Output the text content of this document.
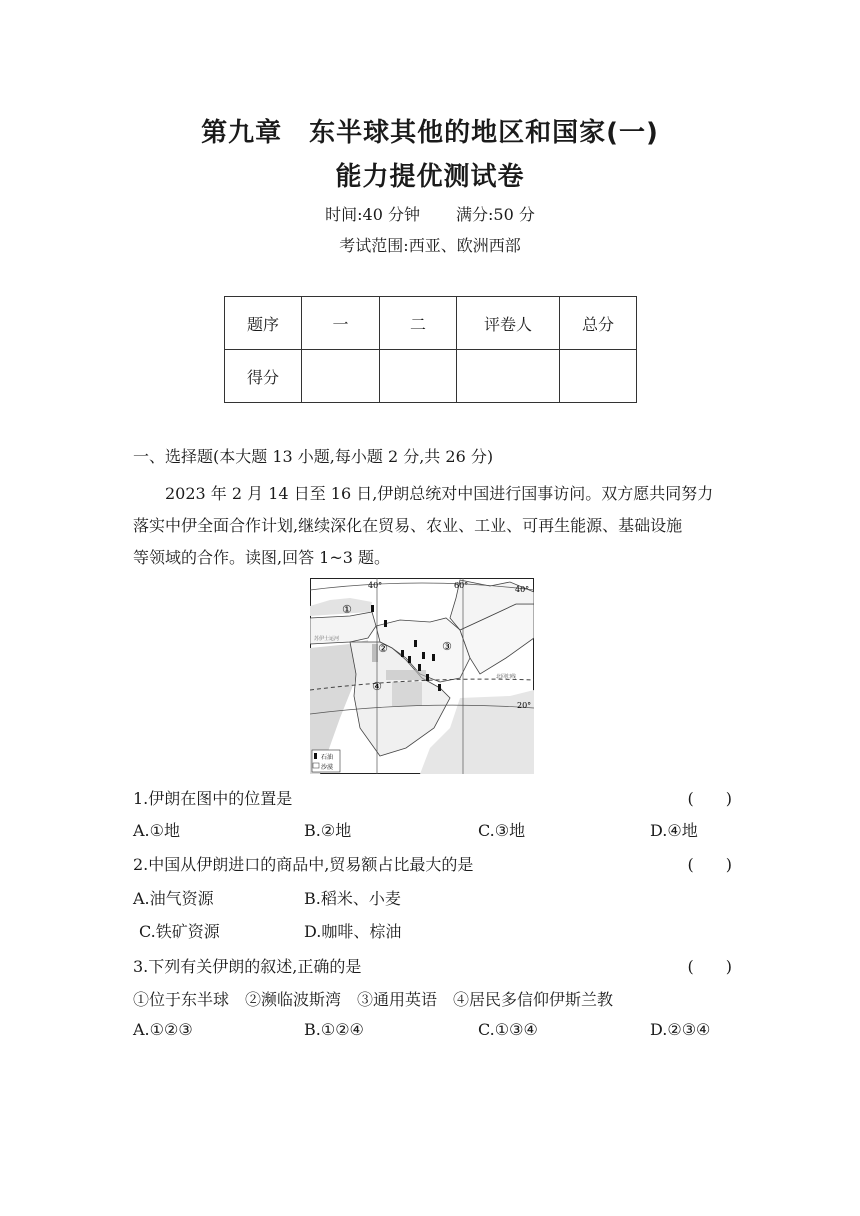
第九章　东半球其他的地区和国家(一)
能力提优测试卷
时间:40 分钟 满分:50 分
考试范围:西亚、欧洲西部
题序	一	二	评卷人	总分
得分				
一、选择题(本大题 13 小题,每小题 2 分,共 26 分)
2023 年 2 月 14 日至 16 日,伊朗总统对中国进行国事访问。双方愿共同努力
落实中伊全面合作计划,继续深化在贸易、农业、工业、可再生能源、基础设施
等领域的合作。读图,回答 1~3 题。
40°	60°	40°
20°
①
②	③
④
北回归线
苏伊士运河
石油
沙漠
1.伊朗在图中的位置是	(　　)
A.①地	B.②地	C.③地	D.④地
2.中国从伊朗进口的商品中,贸易额占比最大的是	(　　)
A.油气资源	B.稻米、小麦
C.铁矿资源	D.咖啡、棕油
3.下列有关伊朗的叙述,正确的是	(　　)
①位于东半球　②濒临波斯湾　③通用英语　④居民多信仰伊斯兰教
A.①②③	B.①②④	C.①③④	D.②③④
